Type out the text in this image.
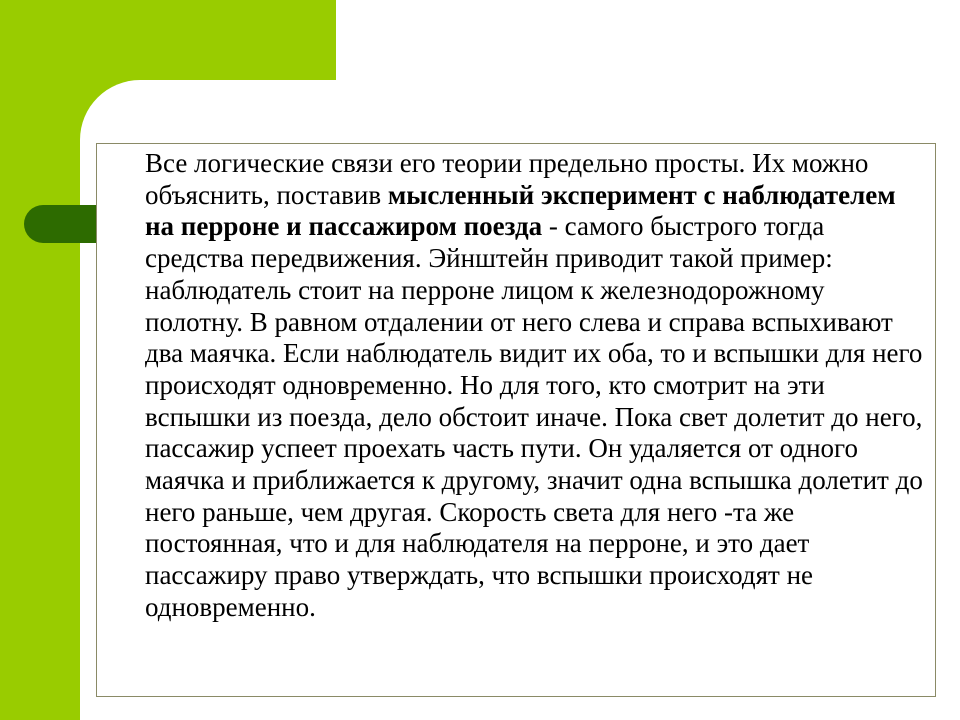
Все логические связи его теории предельно просты. Их можно объяснить, поставив мысленный эксперимент с наблюдателем на перроне и пассажиром поезда - самого быстрого тогда средства передвижения. Эйнштейн приводит такой пример: наблюдатель стоит на перроне лицом к железнодорожному полотну. В равном отдалении от него слева и справа вспыхивают два маячка. Если наблюдатель видит их оба, то и вспышки для него происходят одновременно. Но для того, кто смотрит на эти вспышки из поезда, дело обстоит иначе. Пока свет долетит до него, пассажир успеет проехать часть пути. Он удаляется от одного маячка и приближается к другому, значит одна вспышка долетит до него раньше, чем другая. Скорость света для него -та же постоянная, что и для наблюдателя на перроне, и это дает пассажиру право утверждать, что вспышки происходят не одновременно.
